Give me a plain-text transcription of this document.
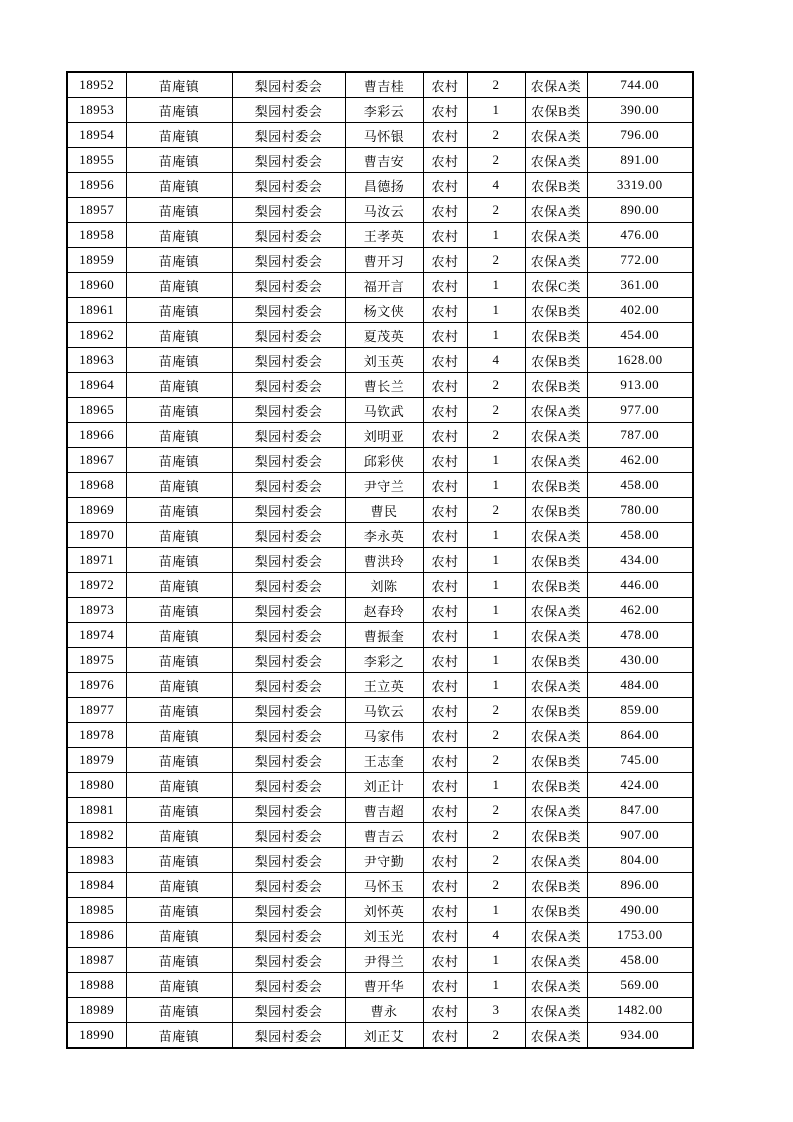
18952	苗庵镇	梨园村委会	曹吉桂	农村	2	农保A类	744.00
18953	苗庵镇	梨园村委会	李彩云	农村	1	农保B类	390.00
18954	苗庵镇	梨园村委会	马怀银	农村	2	农保A类	796.00
18955	苗庵镇	梨园村委会	曹吉安	农村	2	农保A类	891.00
18956	苗庵镇	梨园村委会	昌德扬	农村	4	农保B类	3319.00
18957	苗庵镇	梨园村委会	马汝云	农村	2	农保A类	890.00
18958	苗庵镇	梨园村委会	王孝英	农村	1	农保A类	476.00
18959	苗庵镇	梨园村委会	曹开习	农村	2	农保A类	772.00
18960	苗庵镇	梨园村委会	福开言	农村	1	农保C类	361.00
18961	苗庵镇	梨园村委会	杨文侠	农村	1	农保B类	402.00
18962	苗庵镇	梨园村委会	夏茂英	农村	1	农保B类	454.00
18963	苗庵镇	梨园村委会	刘玉英	农村	4	农保B类	1628.00
18964	苗庵镇	梨园村委会	曹长兰	农村	2	农保B类	913.00
18965	苗庵镇	梨园村委会	马钦武	农村	2	农保A类	977.00
18966	苗庵镇	梨园村委会	刘明亚	农村	2	农保A类	787.00
18967	苗庵镇	梨园村委会	邱彩侠	农村	1	农保A类	462.00
18968	苗庵镇	梨园村委会	尹守兰	农村	1	农保B类	458.00
18969	苗庵镇	梨园村委会	曹民	农村	2	农保B类	780.00
18970	苗庵镇	梨园村委会	李永英	农村	1	农保A类	458.00
18971	苗庵镇	梨园村委会	曹洪玲	农村	1	农保B类	434.00
18972	苗庵镇	梨园村委会	刘陈	农村	1	农保B类	446.00
18973	苗庵镇	梨园村委会	赵春玲	农村	1	农保A类	462.00
18974	苗庵镇	梨园村委会	曹振奎	农村	1	农保A类	478.00
18975	苗庵镇	梨园村委会	李彩之	农村	1	农保B类	430.00
18976	苗庵镇	梨园村委会	王立英	农村	1	农保A类	484.00
18977	苗庵镇	梨园村委会	马钦云	农村	2	农保B类	859.00
18978	苗庵镇	梨园村委会	马家伟	农村	2	农保A类	864.00
18979	苗庵镇	梨园村委会	王志奎	农村	2	农保B类	745.00
18980	苗庵镇	梨园村委会	刘正计	农村	1	农保B类	424.00
18981	苗庵镇	梨园村委会	曹吉超	农村	2	农保A类	847.00
18982	苗庵镇	梨园村委会	曹吉云	农村	2	农保B类	907.00
18983	苗庵镇	梨园村委会	尹守勤	农村	2	农保A类	804.00
18984	苗庵镇	梨园村委会	马怀玉	农村	2	农保B类	896.00
18985	苗庵镇	梨园村委会	刘怀英	农村	1	农保B类	490.00
18986	苗庵镇	梨园村委会	刘玉光	农村	4	农保A类	1753.00
18987	苗庵镇	梨园村委会	尹得兰	农村	1	农保A类	458.00
18988	苗庵镇	梨园村委会	曹开华	农村	1	农保A类	569.00
18989	苗庵镇	梨园村委会	曹永	农村	3	农保A类	1482.00
18990	苗庵镇	梨园村委会	刘正艾	农村	2	农保A类	934.00
